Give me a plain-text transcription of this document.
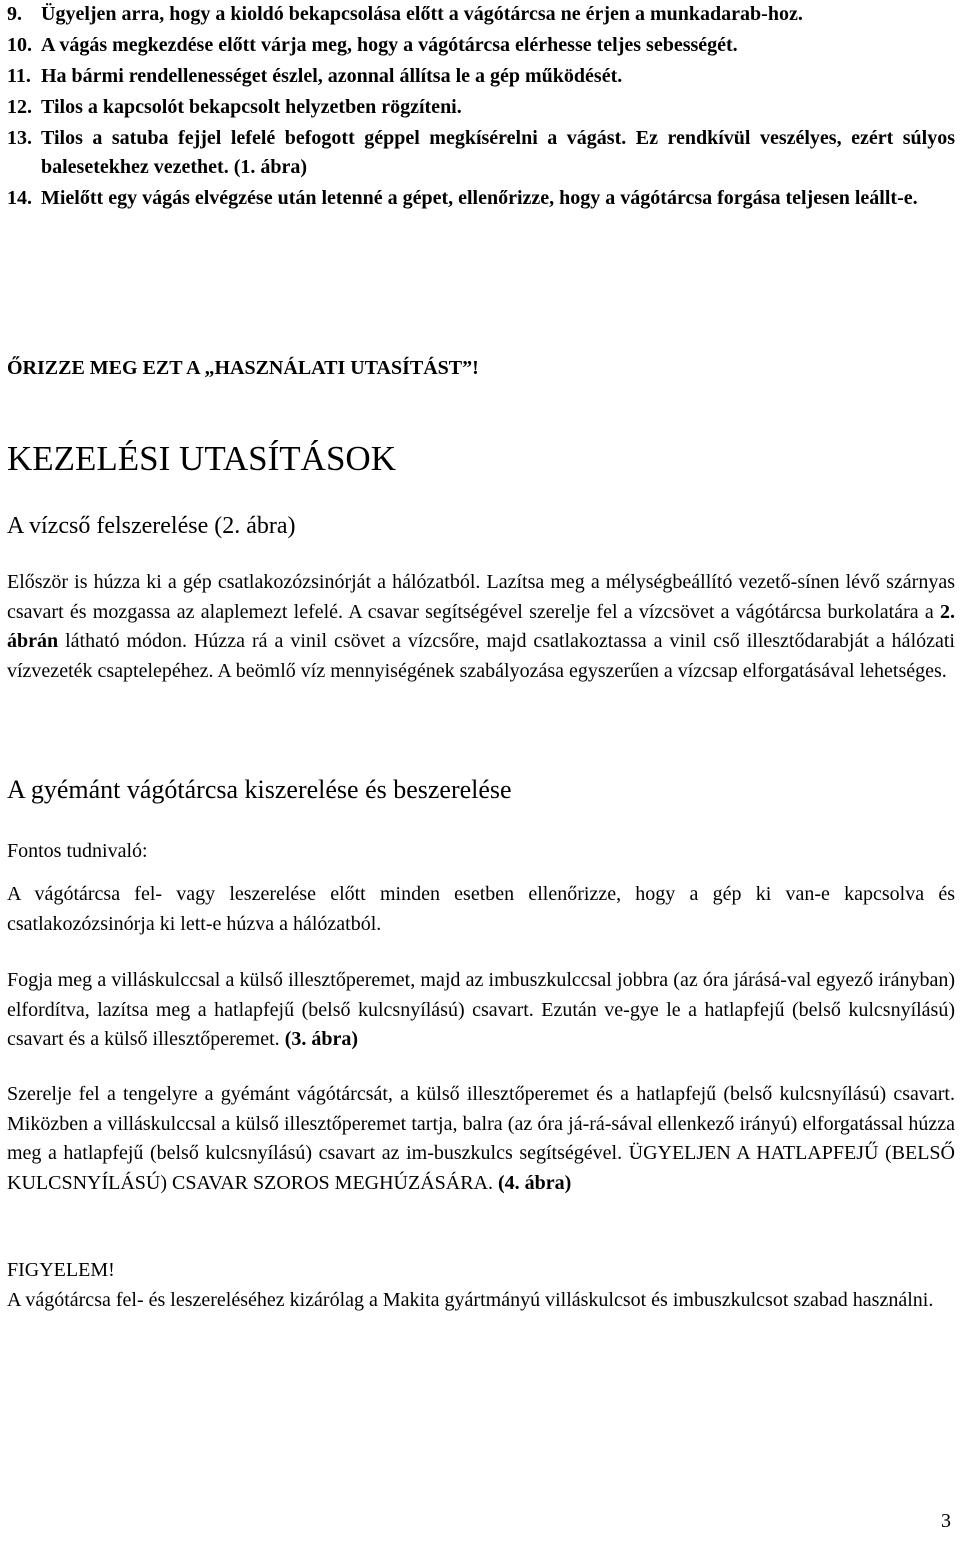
9. Ügyeljen arra, hogy a kioldó bekapcsolása előtt a vágótárcsa ne érjen a munkadarab-hoz.
10. A vágás megkezdése előtt várja meg, hogy a vágótárcsa elérhesse teljes sebességét.
11. Ha bármi rendellenességet észlel, azonnal állítsa le a gép működését.
12. Tilos a kapcsolót bekapcsolt helyzetben rögzíteni.
13. Tilos a satuba fejjel lefelé befogott géppel megkísérelni a vágást. Ez rendkívül veszélyes, ezért súlyos balesetekhez vezethet. (1. ábra)
14. Mielőtt egy vágás elvégzése után letenné a gépet, ellenőrizze, hogy a vágótárcsa forgása teljesen leállt-e.
ŐRIZZE MEG EZT A „HASZNÁLATI UTASÍTÁST”!
KEZELÉSI UTASÍTÁSOK
A vízcső felszerelése (2. ábra)
Először is húzza ki a gép csatlakozózsinórját a hálózatból. Lazítsa meg a mélységbeállító vezető-sínen lévő szárnyas csavart és mozgassa az alaplemezt lefelé. A csavar segítségével szerelje fel a vízcsövet a vágótárcsa burkolatára a 2. ábrán látható módon. Húzza rá a vinil csövet a vízcsőre, majd csatlakoztassa a vinil cső illesztődarabját a hálózati vízvezeték csaptelepéhez. A beömlő víz mennyiségének szabályozása egyszerűen a vízcsap elforgatásával lehetséges.
A gyémánt vágótárcsa kiszerelése és beszerelése
Fontos tudnivaló:
A vágótárcsa fel- vagy leszerelése előtt minden esetben ellenőrizze, hogy a gép ki van-e kapcsolva és csatlakozózsinórja ki lett-e húzva a hálózatból.
Fogja meg a villáskulccsal a külső illesztőperemet, majd az imbuszkulccsal jobbra (az óra járásá-val egyező irányban) elfordítva, lazítsa meg a hatlapfejű (belső kulcsnyílású) csavart. Ezután ve-gye le a hatlapfejű (belső kulcsnyílású) csavart és a külső illesztőperemet. (3. ábra)
Szerelje fel a tengelyre a gyémánt vágótárcsát, a külső illesztőperemet és a hatlapfejű (belső kulcsnyílású) csavart. Miközben a villáskulccsal a külső illesztőperemet tartja, balra (az óra já-rá-sával ellenkező irányú) elforgatással húzza meg a hatlapfejű (belső kulcsnyílású) csavart az im-buszkulcs segítségével. ÜGYELJEN A HATLAPFEJŰ (BELSŐ KULCSNYÍLÁSÚ) CSAVAR SZOROS MEGHÚZÁSÁRA. (4. ábra)
FIGYELEM!
A vágótárcsa fel- és leszereléséhez kizárólag a Makita gyártmányú villáskulcsot és imbuszkulcsot szabad használni.
3
